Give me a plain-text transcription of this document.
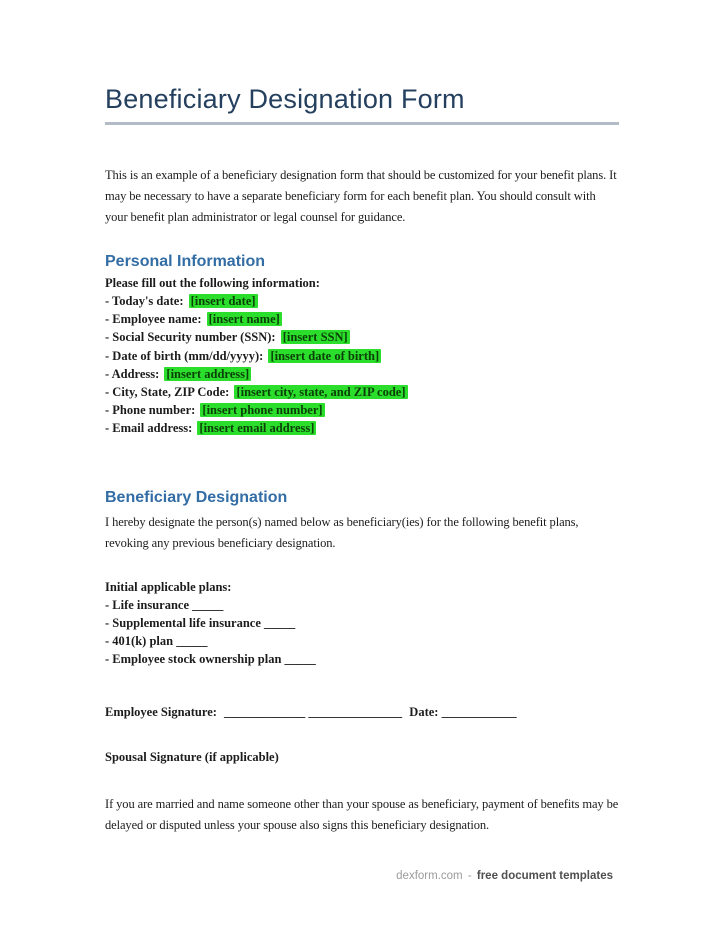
Beneficiary Designation Form
This is an example of a beneficiary designation form that should be customized for your benefit plans. It may be necessary to have a separate beneficiary form for each benefit plan. You should consult with your benefit plan administrator or legal counsel for guidance.
Personal Information
Please fill out the following information:
- Today's date: [insert date]
- Employee name: [insert name]
- Social Security number (SSN): [insert SSN]
- Date of birth (mm/dd/yyyy): [insert date of birth]
- Address: [insert address]
- City, State, ZIP Code: [insert city, state, and ZIP code]
- Phone number: [insert phone number]
- Email address: [insert email address]
Beneficiary Designation
I hereby designate the person(s) named below as beneficiary(ies) for the following benefit plans, revoking any previous beneficiary designation.
Initial applicable plans:
- Life insurance _____
- Supplemental life insurance _____
- 401(k) plan _____
- Employee stock ownership plan _____
Employee Signature: _____________ _______________ Date: ____________
Spousal Signature (if applicable)
If you are married and name someone other than your spouse as beneficiary, payment of benefits may be delayed or disputed unless your spouse also signs this beneficiary designation.
dexform.com - free document templates
